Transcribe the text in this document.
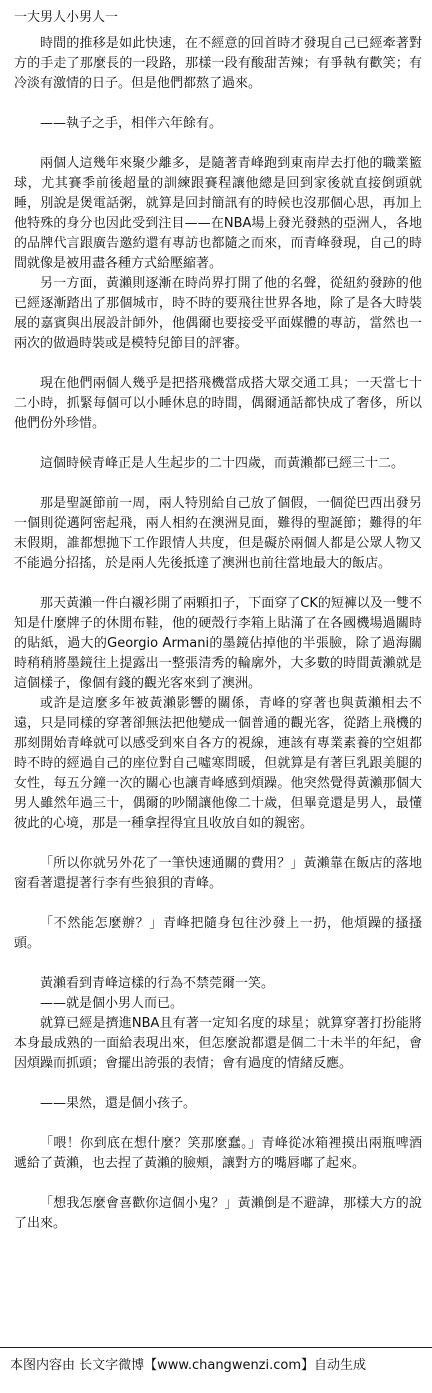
一大男人小男人一

時間的推移是如此快速，在不經意的回首時才發現自己已經牽著對方的手走了那麼長的一段路，那樣一段有酸甜苦辣；有爭執有歡笑；有冷淡有激情的日子。但是他們都熬了過來。

——執子之手，相伴六年餘有。

兩個人這幾年來聚少離多，是隨著青峰跑到東南岸去打他的職業籃球，尤其賽季前後超量的訓練跟賽程讓他總是回到家後就直接倒頭就睡，別說是煲電話粥，就算是回封簡訊有的時候也沒那個心思，再加上他特殊的身分也因此受到注目——在NBA場上發光發熱的亞洲人，各地的品牌代言跟廣告邀約還有專訪也都隨之而來，而青峰發現，自己的時間就像是被用盡各種方式給壓縮著。

另一方面，黃瀨則逐漸在時尚界打開了他的名聲，從紐約發跡的他已經逐漸踏出了那個城市，時不時的要飛往世界各地，除了是各大時裝展的嘉賓與出展設計師外，他偶爾也要接受平面媒體的專訪，當然也一兩次的做過時裝或是模特兒節目的評審。

現在他們兩個人幾乎是把搭飛機當成搭大眾交通工具；一天當七十二小時，抓緊每個可以小睡休息的時間，偶爾通話都快成了奢侈，所以他們份外珍惜。

這個時候青峰正是人生起步的二十四歲，而黃瀨都已經三十二。

那是聖誕節前一周，兩人特別給自己放了個假，一個從巴西出發另一個則從邁阿密起飛，兩人相約在澳洲見面，難得的聖誕節；難得的年末假期，誰都想拋下工作跟情人共度，但是礙於兩個人都是公眾人物又不能過分招搖，於是兩人先後抵達了澳洲也前往當地最大的飯店。

那天黃瀨一件白襯衫開了兩顆扣子，下面穿了CK的短褲以及一雙不知是什麼牌子的休閒布鞋，他的硬殼行李箱上貼滿了在各國機場過關時的貼紙，過大的Georgio Armani的墨鏡佔掉他的半張臉，除了過海關時稍稍將墨鏡往上提露出一整張清秀的輪廓外，大多數的時間黃瀨就是這個樣子，像個有錢的觀光客來到了澳洲。

或許是這麼多年被黃瀨影響的關係，青峰的穿著也與黃瀨相去不遠，只是同樣的穿著卻無法把他變成一個普通的觀光客，從踏上飛機的那刻開始青峰就可以感受到來自各方的視線，連該有專業素養的空姐都時不時的經過自己的座位對自己噓寒問暖，但就算是有著巨乳跟美腿的女性，每五分鐘一次的關心也讓青峰感到煩躁。他突然覺得黃瀨那個大男人雖然年過三十，偶爾的吵鬧讓他像二十歲，但畢竟還是男人，最懂彼此的心境，那是一種拿捏得宜且收放自如的親密。

「所以你就另外花了一筆快速通關的費用？」黃瀨靠在飯店的落地窗看著還提著行李有些狼狽的青峰。

「不然能怎麼辦？」青峰把隨身包往沙發上一扔，他煩躁的搔搔頭。

黃瀨看到青峰這樣的行為不禁莞爾一笑。

——就是個小男人而已。

就算已經是擠進NBA且有著一定知名度的球星；就算穿著打扮能將本身最成熟的一面給表現出來，但怎麼說都還是個二十未半的年紀，會因煩躁而抓頭；會擺出誇張的表情；會有過度的情緒反應。

——果然，還是個小孩子。

「喂！你到底在想什麼？笑那麼蠢。」青峰從冰箱裡摸出兩瓶啤酒遞給了黃瀨，也去捏了黃瀨的臉頰，讓對方的嘴唇嘟了起來。

「想我怎麼會喜歡你這個小鬼？」黃瀨倒是不避諱，那樣大方的說了出來。

本图内容由 长文字微博【www.changwenzi.com】自动生成
